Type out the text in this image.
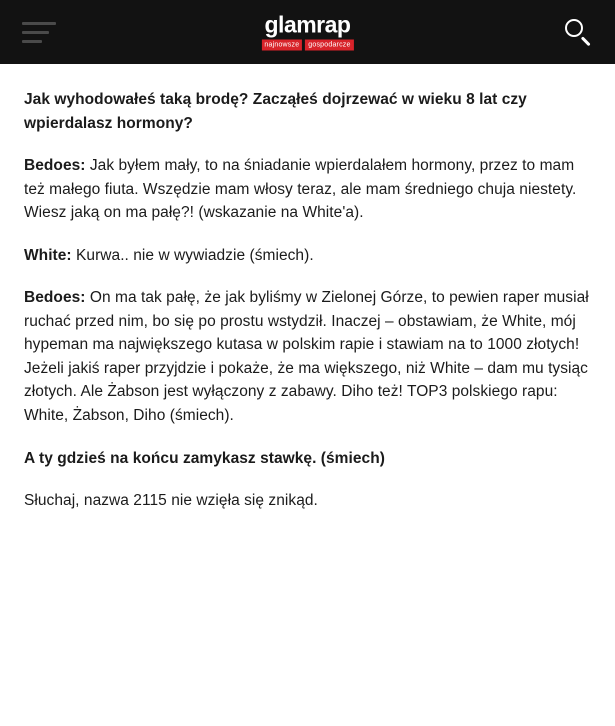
glamrap
najnowsze	gospodarcze

Jak wyhodowałeś taką brodę? Zacząłeś dojrzewać w wieku 8 lat czy wpierdalasz hormony?

Bedoes: Jak byłem mały, to na śniadanie wpierdalałem hormony, przez to mam też małego fiuta. Wszędzie mam włosy teraz, ale mam średniego chuja niestety. Wiesz jaką on ma pałę?! (wskazanie na White'a).

White: Kurwa.. nie w wywiadzie (śmiech).

Bedoes: On ma tak pałę, że jak byliśmy w Zielonej Górze, to pewien raper musiał ruchać przed nim, bo się po prostu wstydził. Inaczej – obstawiam, że White, mój hypeman ma największego kutasa w polskim rapie i stawiam na to 1000 złotych! Jeżeli jakiś raper przyjdzie i pokaże, że ma większego, niż White – dam mu tysiąc złotych. Ale Żabson jest wyłączony z zabawy. Diho też! TOP3 polskiego rapu: White, Żabson, Diho (śmiech).

A ty gdzieś na końcu zamykasz stawkę. (śmiech)

Słuchaj, nazwa 2115 nie wzięła się znikąd.
